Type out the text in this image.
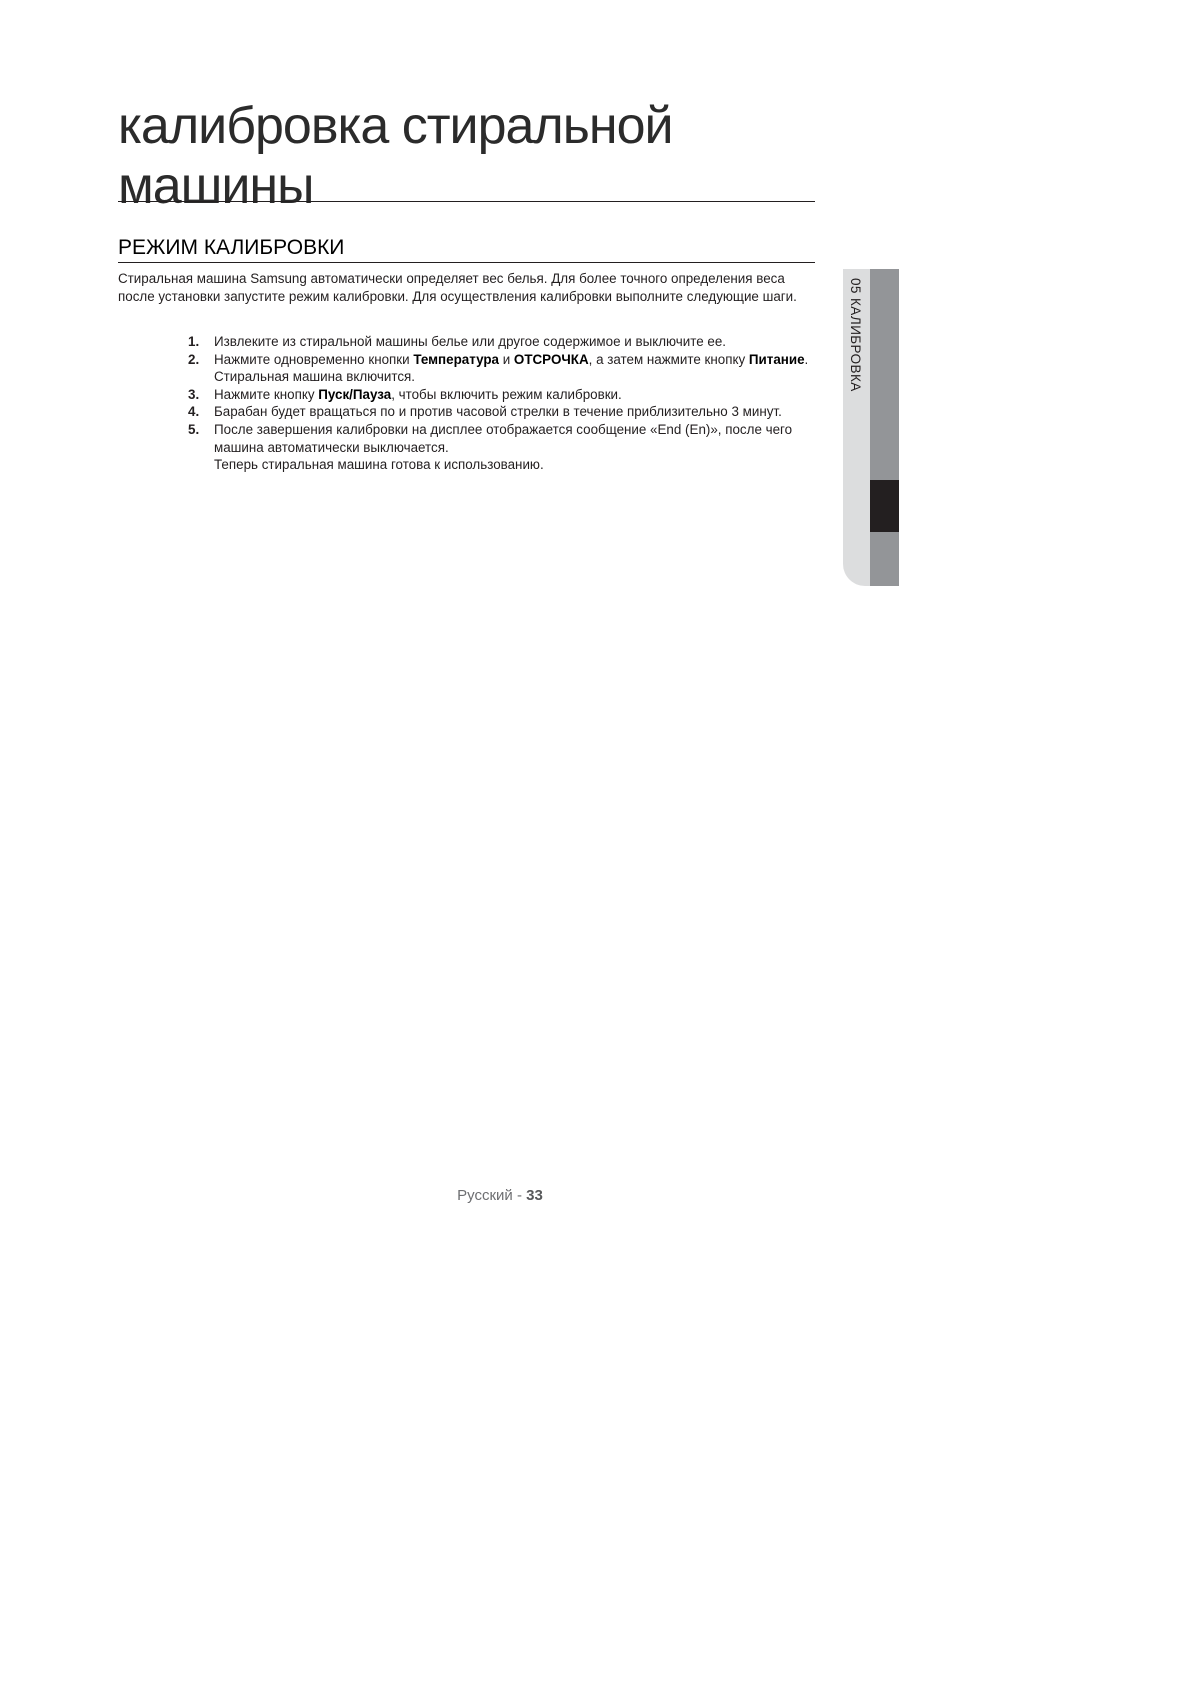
калибровка стиральной
машины
РЕЖИМ КАЛИБРОВКИ

Стиральная машина Samsung автоматически определяет вес белья. Для более точного определения веса после установки запустите режим калибровки. Для осуществления калибровки выполните следующие шаги.

1. Извлеките из стиральной машины белье или другое содержимое и выключите ее.
2. Нажмите одновременно кнопки Температура и ОТСРОЧКА, а затем нажмите кнопку Питание. Стиральная машина включится.
3. Нажмите кнопку Пуск/Пауза, чтобы включить режим калибровки.
4. Барабан будет вращаться по и против часовой стрелки в течение приблизительно 3 минут.
5. После завершения калибровки на дисплее отображается сообщение «End (En)», после чего машина автоматически выключается.
Теперь стиральная машина готова к использованию.
05 КАЛИБРОВКА
Русский - 33
